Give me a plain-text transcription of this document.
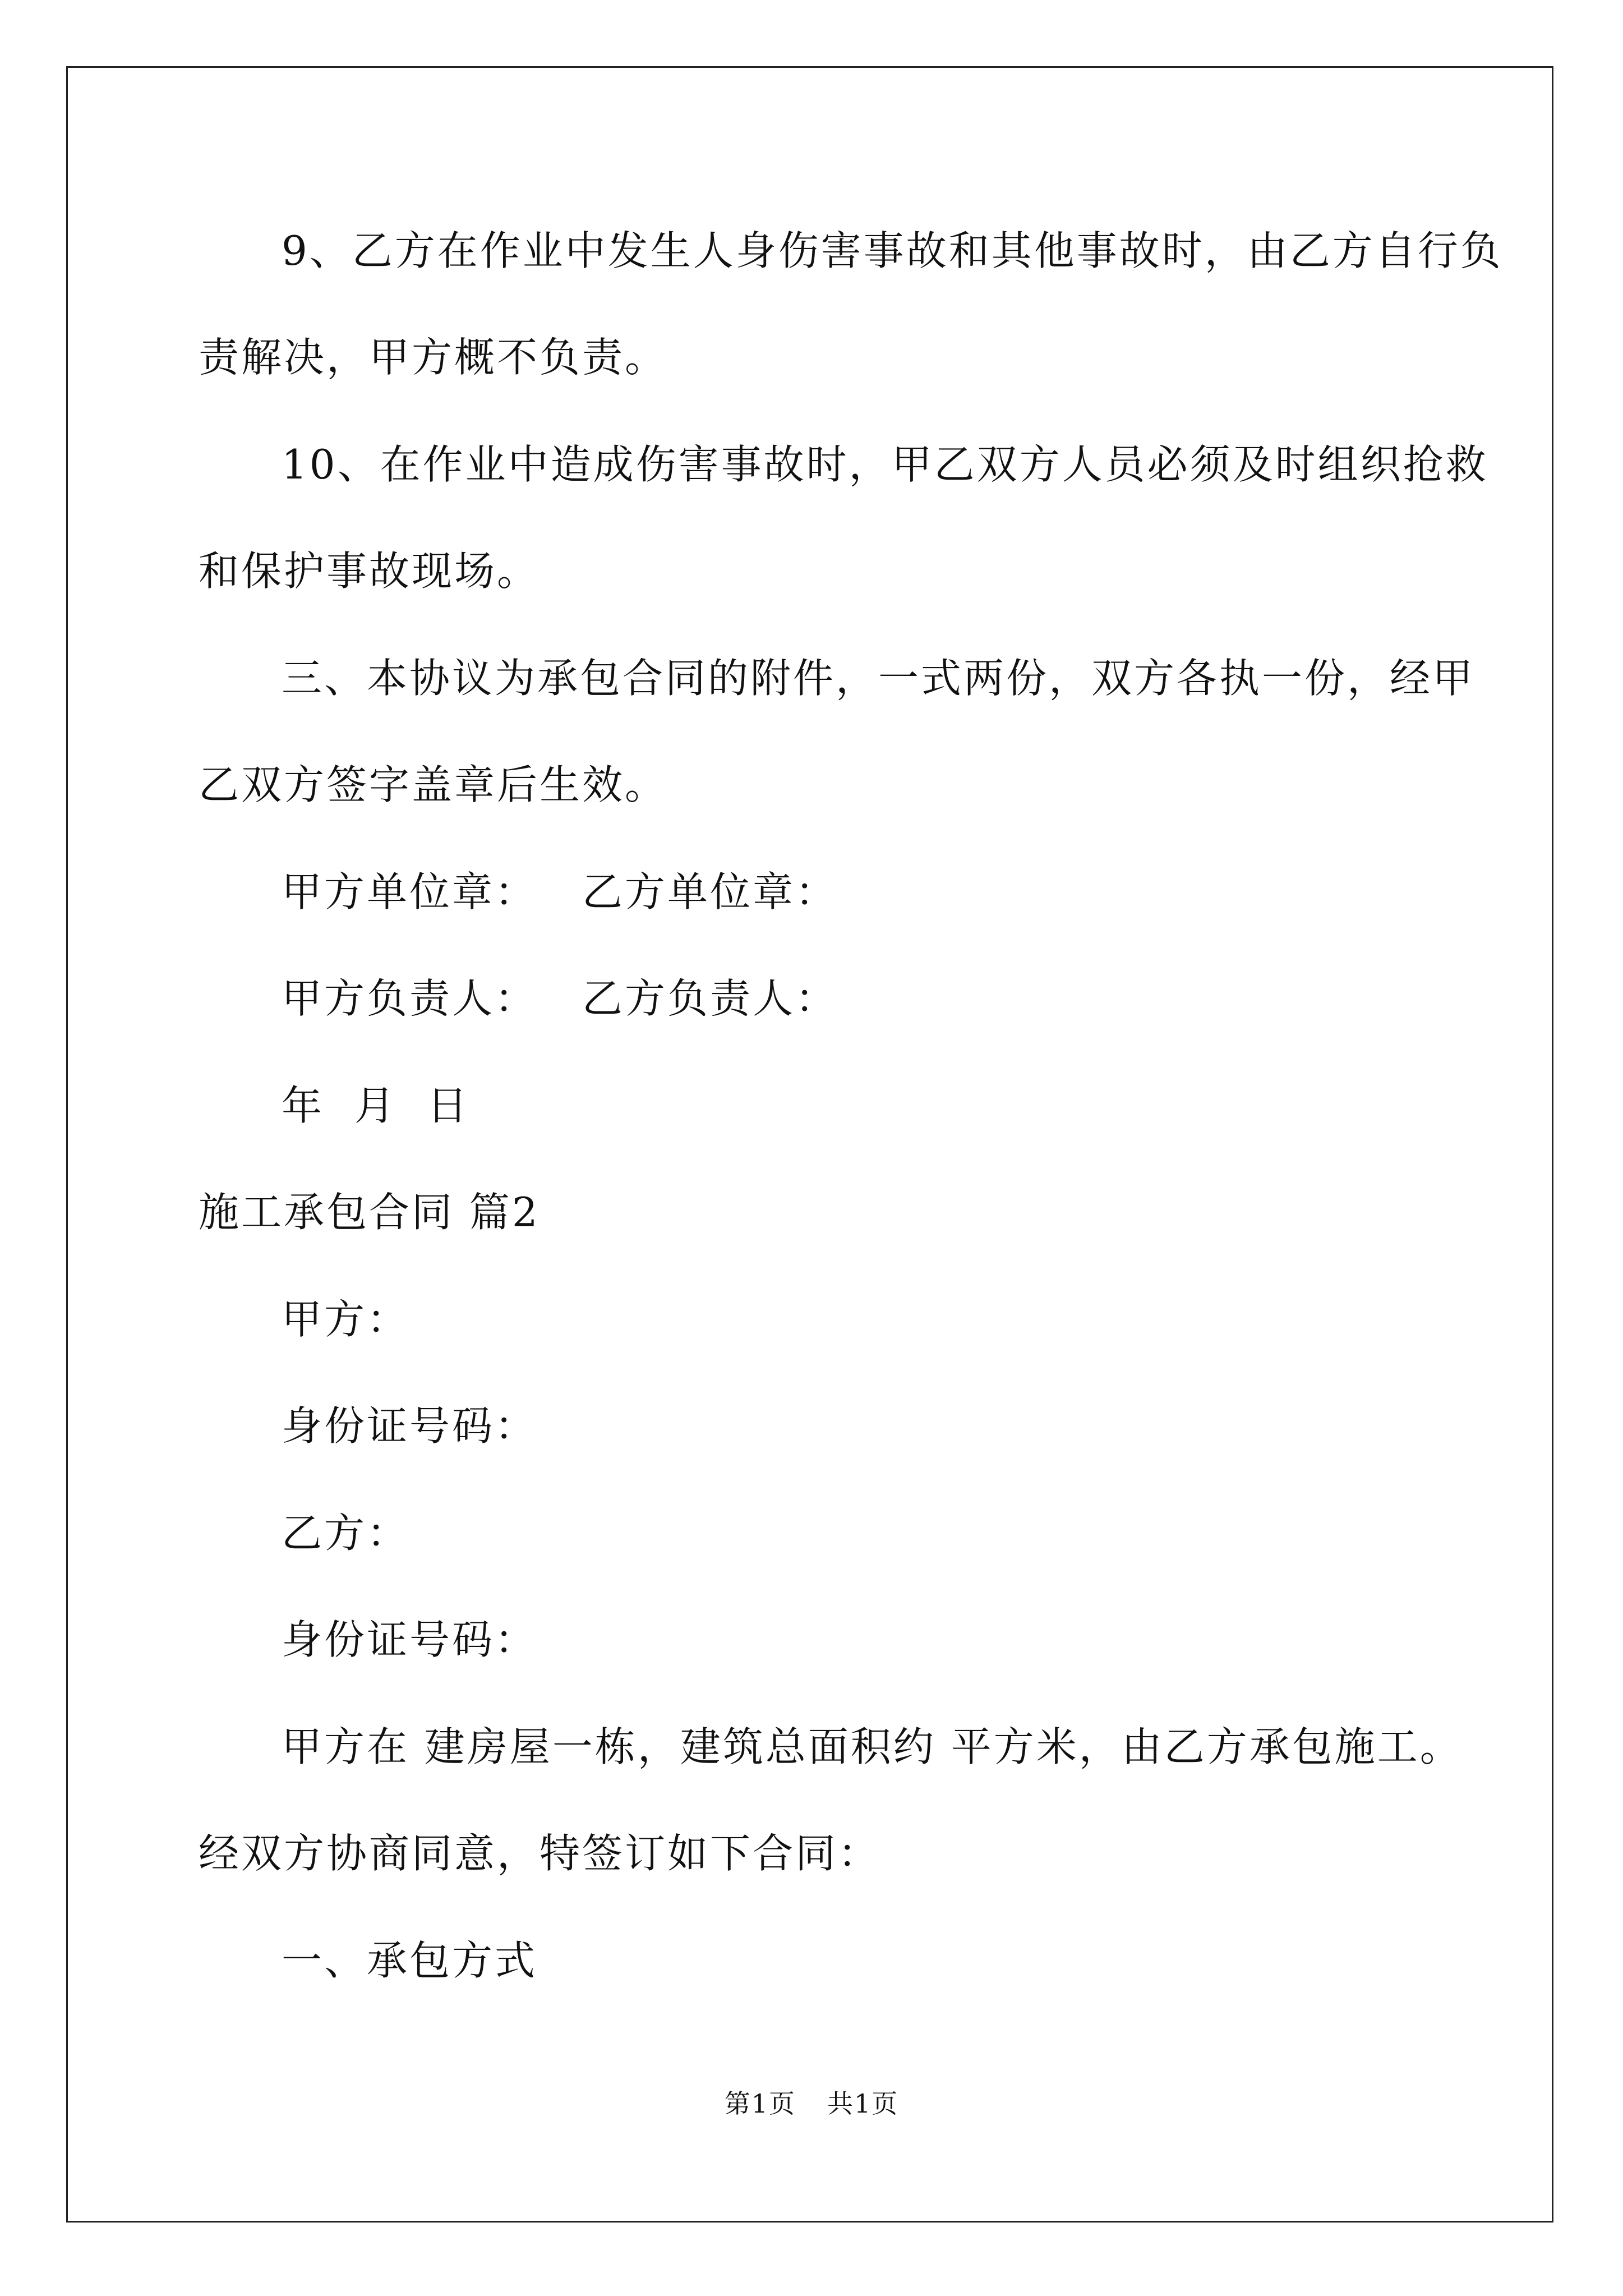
9、乙方在作业中发生人身伤害事故和其他事故时，由乙方自行负
责解决，甲方概不负责。
10、在作业中造成伤害事故时，甲乙双方人员必须及时组织抢救
和保护事故现场。
三、本协议为承包合同的附件，一式两份，双方各执一份，经甲
乙双方签字盖章后生效。
甲方单位章： 乙方单位章：
甲方负责人： 乙方负责人：
年  月  日
施工承包合同 篇2
甲方：
身份证号码：
乙方：
身份证号码：
甲方在 建房屋一栋，建筑总面积约 平方米，由乙方承包施工。
经双方协商同意，特签订如下合同：
一、承包方式
第1页 共1页
